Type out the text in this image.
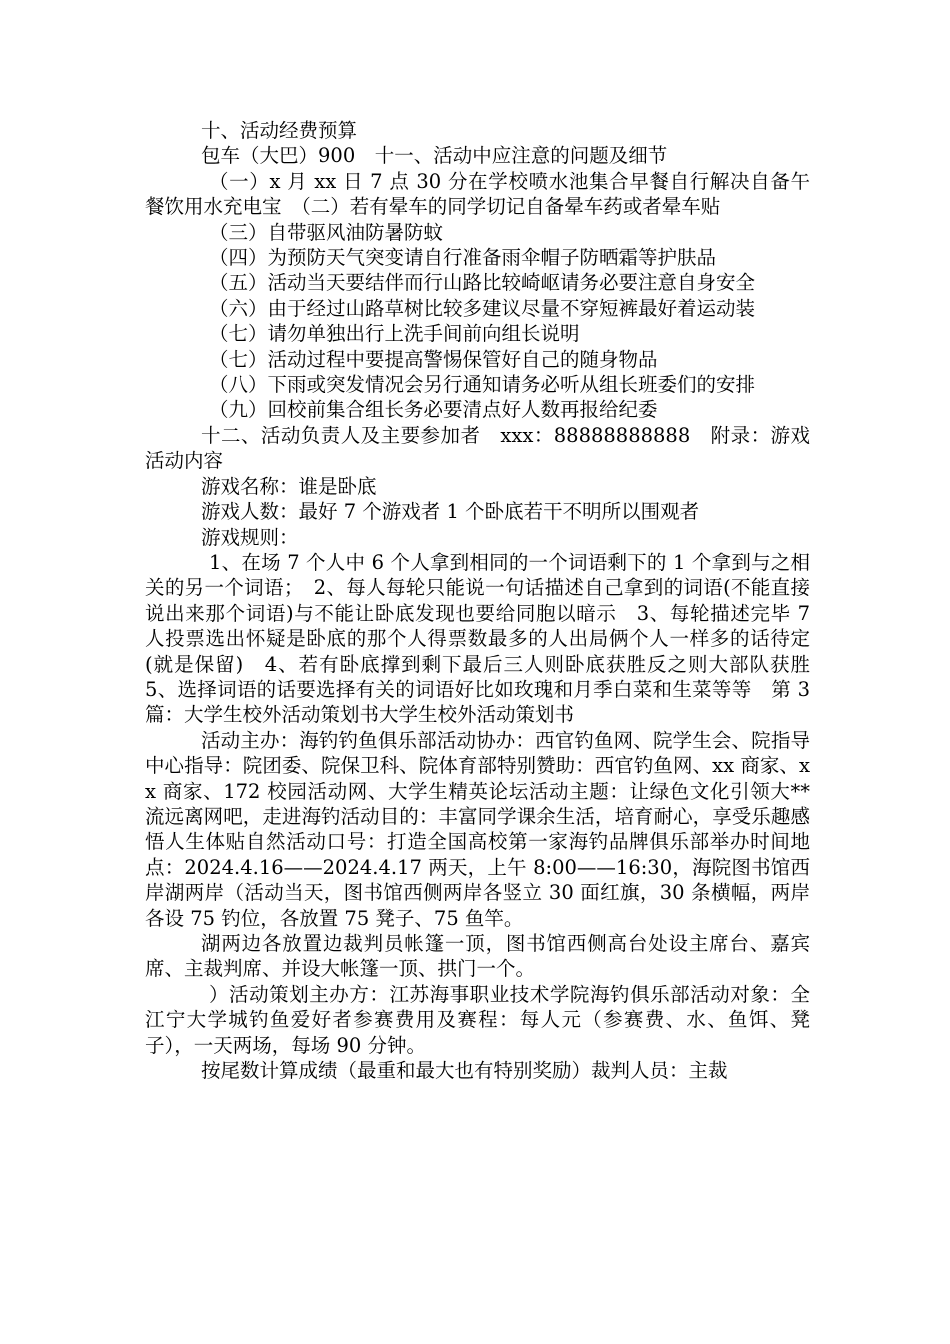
十、活动经费预算

包车（大巴）900　十一、活动中应注意的问题及细节

（一）x 月 xx 日 7 点 30 分在学校喷水池集合早餐自行解决自备午餐饮用水充电宝　（二）若有晕车的同学切记自备晕车药或者晕车贴

（三）自带驱风油防暑防蚊

（四）为预防天气突变请自行准备雨伞帽子防晒霜等护肤品

（五）活动当天要结伴而行山路比较崎岖请务必要注意自身安全

（六）由于经过山路草树比较多建议尽量不穿短裤最好着运动装

（七）请勿单独出行上洗手间前向组长说明

（七）活动过程中要提高警惕保管好自己的随身物品

（八）下雨或突发情况会另行通知请务必听从组长班委们的安排

（九）回校前集合组长务必要清点好人数再报给纪委

十二、活动负责人及主要参加者　xxx：88888888888　附录：游戏活动内容

游戏名称：谁是卧底

游戏人数：最好 7 个游戏者 1 个卧底若干不明所以围观者

游戏规则：

1、在场 7 个人中 6 个人拿到相同的一个词语剩下的 1 个拿到与之相关的另一个词语；　2、每人每轮只能说一句话描述自己拿到的词语(不能直接说出来那个词语)与不能让卧底发现也要给同胞以暗示　3、每轮描述完毕 7 人投票选出怀疑是卧底的那个人得票数最多的人出局俩个人一样多的话待定(就是保留)　4、若有卧底撑到剩下最后三人则卧底获胜反之则大部队获胜　5、选择词语的话要选择有关的词语好比如玫瑰和月季白菜和生菜等等　第 3 篇：大学生校外活动策划书大学生校外活动策划书

活动主办：海钓钓鱼俱乐部活动协办：西官钓鱼网、院学生会、院指导中心指导：院团委、院保卫科、院体育部特别赞助：西官钓鱼网、xx 商家、xx 商家、172 校园活动网、大学生精英论坛活动主题：让绿色文化引领大**流远离网吧，走进海钓活动目的：丰富同学课余生活，培育耐心，享受乐趣感悟人生体贴自然活动口号：打造全国高校第一家海钓品牌俱乐部举办时间地点：2024.4.16——2024.4.17 两天，上午 8:00——16:30，海院图书馆西岸湖两岸（活动当天，图书馆西侧两岸各竖立 30 面红旗，30 条横幅，两岸各设 75 钓位，各放置 75 凳子、75 鱼竿。

湖两边各放置边裁判员帐篷一顶，图书馆西侧高台处设主席台、嘉宾席、主裁判席、并设大帐篷一顶、拱门一个。

）活动策划主办方：江苏海事职业技术学院海钓俱乐部活动对象：全江宁大学城钓鱼爱好者参赛费用及赛程：每人元（参赛费、水、鱼饵、凳子），一天两场，每场 90 分钟。

按尾数计算成绩（最重和最大也有特别奖励）裁判人员：主裁
